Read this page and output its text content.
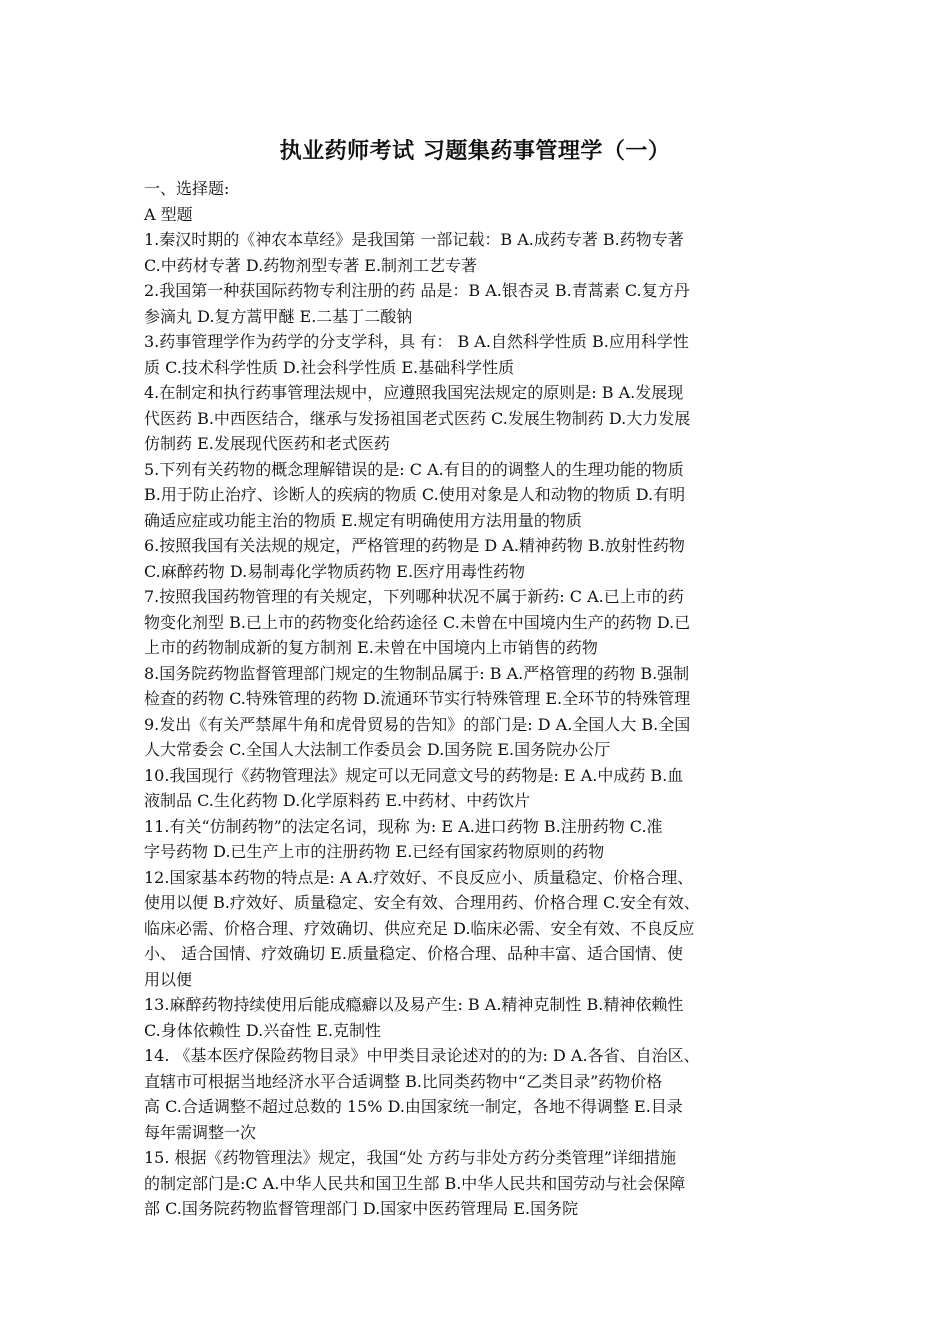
执业药师考试 习题集药事管理学（一）
一、选择题:
A 型题
1.秦汉时期的《神农本草经》是我国第 一部记载：B A.成药专著 B.药物专著
C.中药材专著 D.药物剂型专著 E.制剂工艺专著
2.我国第一种获国际药物专利注册的药 品是：B A.银杏灵 B.青蒿素 C.复方丹
参滴丸 D.复方蒿甲醚 E.二基丁二酸钠
3.药事管理学作为药学的分支学科，具 有： B A.自然科学性质 B.应用科学性
质 C.技术科学性质 D.社会科学性质 E.基础科学性质
4.在制定和执行药事管理法规中，应遵照我国宪法规定的原则是: B A.发展现
代医药 B.中西医结合，继承与发扬祖国老式医药 C.发展生物制药 D.大力发展
仿制药 E.发展现代医药和老式医药
5.下列有关药物的概念理解错误的是: C A.有目的的调整人的生理功能的物质
B.用于防止治疗、诊断人的疾病的物质 C.使用对象是人和动物的物质 D.有明
确适应症或功能主治的物质 E.规定有明确使用方法用量的物质
6.按照我国有关法规的规定，严格管理的药物是 D A.精神药物 B.放射性药物
C.麻醉药物 D.易制毒化学物质药物 E.医疗用毒性药物
7.按照我国药物管理的有关规定，下列哪种状况不属于新药: C A.已上市的药
物变化剂型 B.已上市的药物变化给药途径 C.未曾在中国境内生产的药物 D.已
上市的药物制成新的复方制剂 E.未曾在中国境内上市销售的药物
8.国务院药物监督管理部门规定的生物制品属于: B A.严格管理的药物 B.强制
检查的药物 C.特殊管理的药物 D.流通环节实行特殊管理 E.全环节的特殊管理
9.发出《有关严禁犀牛角和虎骨贸易的告知》的部门是: D A.全国人大 B.全国
人大常委会 C.全国人大法制工作委员会 D.国务院 E.国务院办公厅
10.我国现行《药物管理法》规定可以无同意文号的药物是: E A.中成药 B.血
液制品 C.生化药物 D.化学原料药 E.中药材、中药饮片
11.有关“仿制药物”的法定名词，现称 为: E A.进口药物 B.注册药物 C.准
字号药物 D.已生产上市的注册药物 E.已经有国家药物原则的药物
12.国家基本药物的特点是: A A.疗效好、不良反应小、质量稳定、价格合理、
使用以便 B.疗效好、质量稳定、安全有效、合理用药、价格合理 C.安全有效、
临床必需、价格合理、疗效确切、供应充足 D.临床必需、安全有效、不良反应
小、 适合国情、疗效确切 E.质量稳定、价格合理、品种丰富、适合国情、使
用以便
13.麻醉药物持续使用后能成瘾癖以及易产生: B A.精神克制性 B.精神依赖性
C.身体依赖性 D.兴奋性 E.克制性
14. 《基本医疗保险药物目录》中甲类目录论述对的的为: D A.各省、自治区、
直辖市可根据当地经济水平合适调整 B.比同类药物中“乙类目录”药物价格
高 C.合适调整不超过总数的 15% D.由国家统一制定，各地不得调整 E.目录
每年需调整一次
15. 根据《药物管理法》规定，我国“处 方药与非处方药分类管理”详细措施
的制定部门是:C A.中华人民共和国卫生部 B.中华人民共和国劳动与社会保障
部 C.国务院药物监督管理部门 D.国家中医药管理局 E.国务院
